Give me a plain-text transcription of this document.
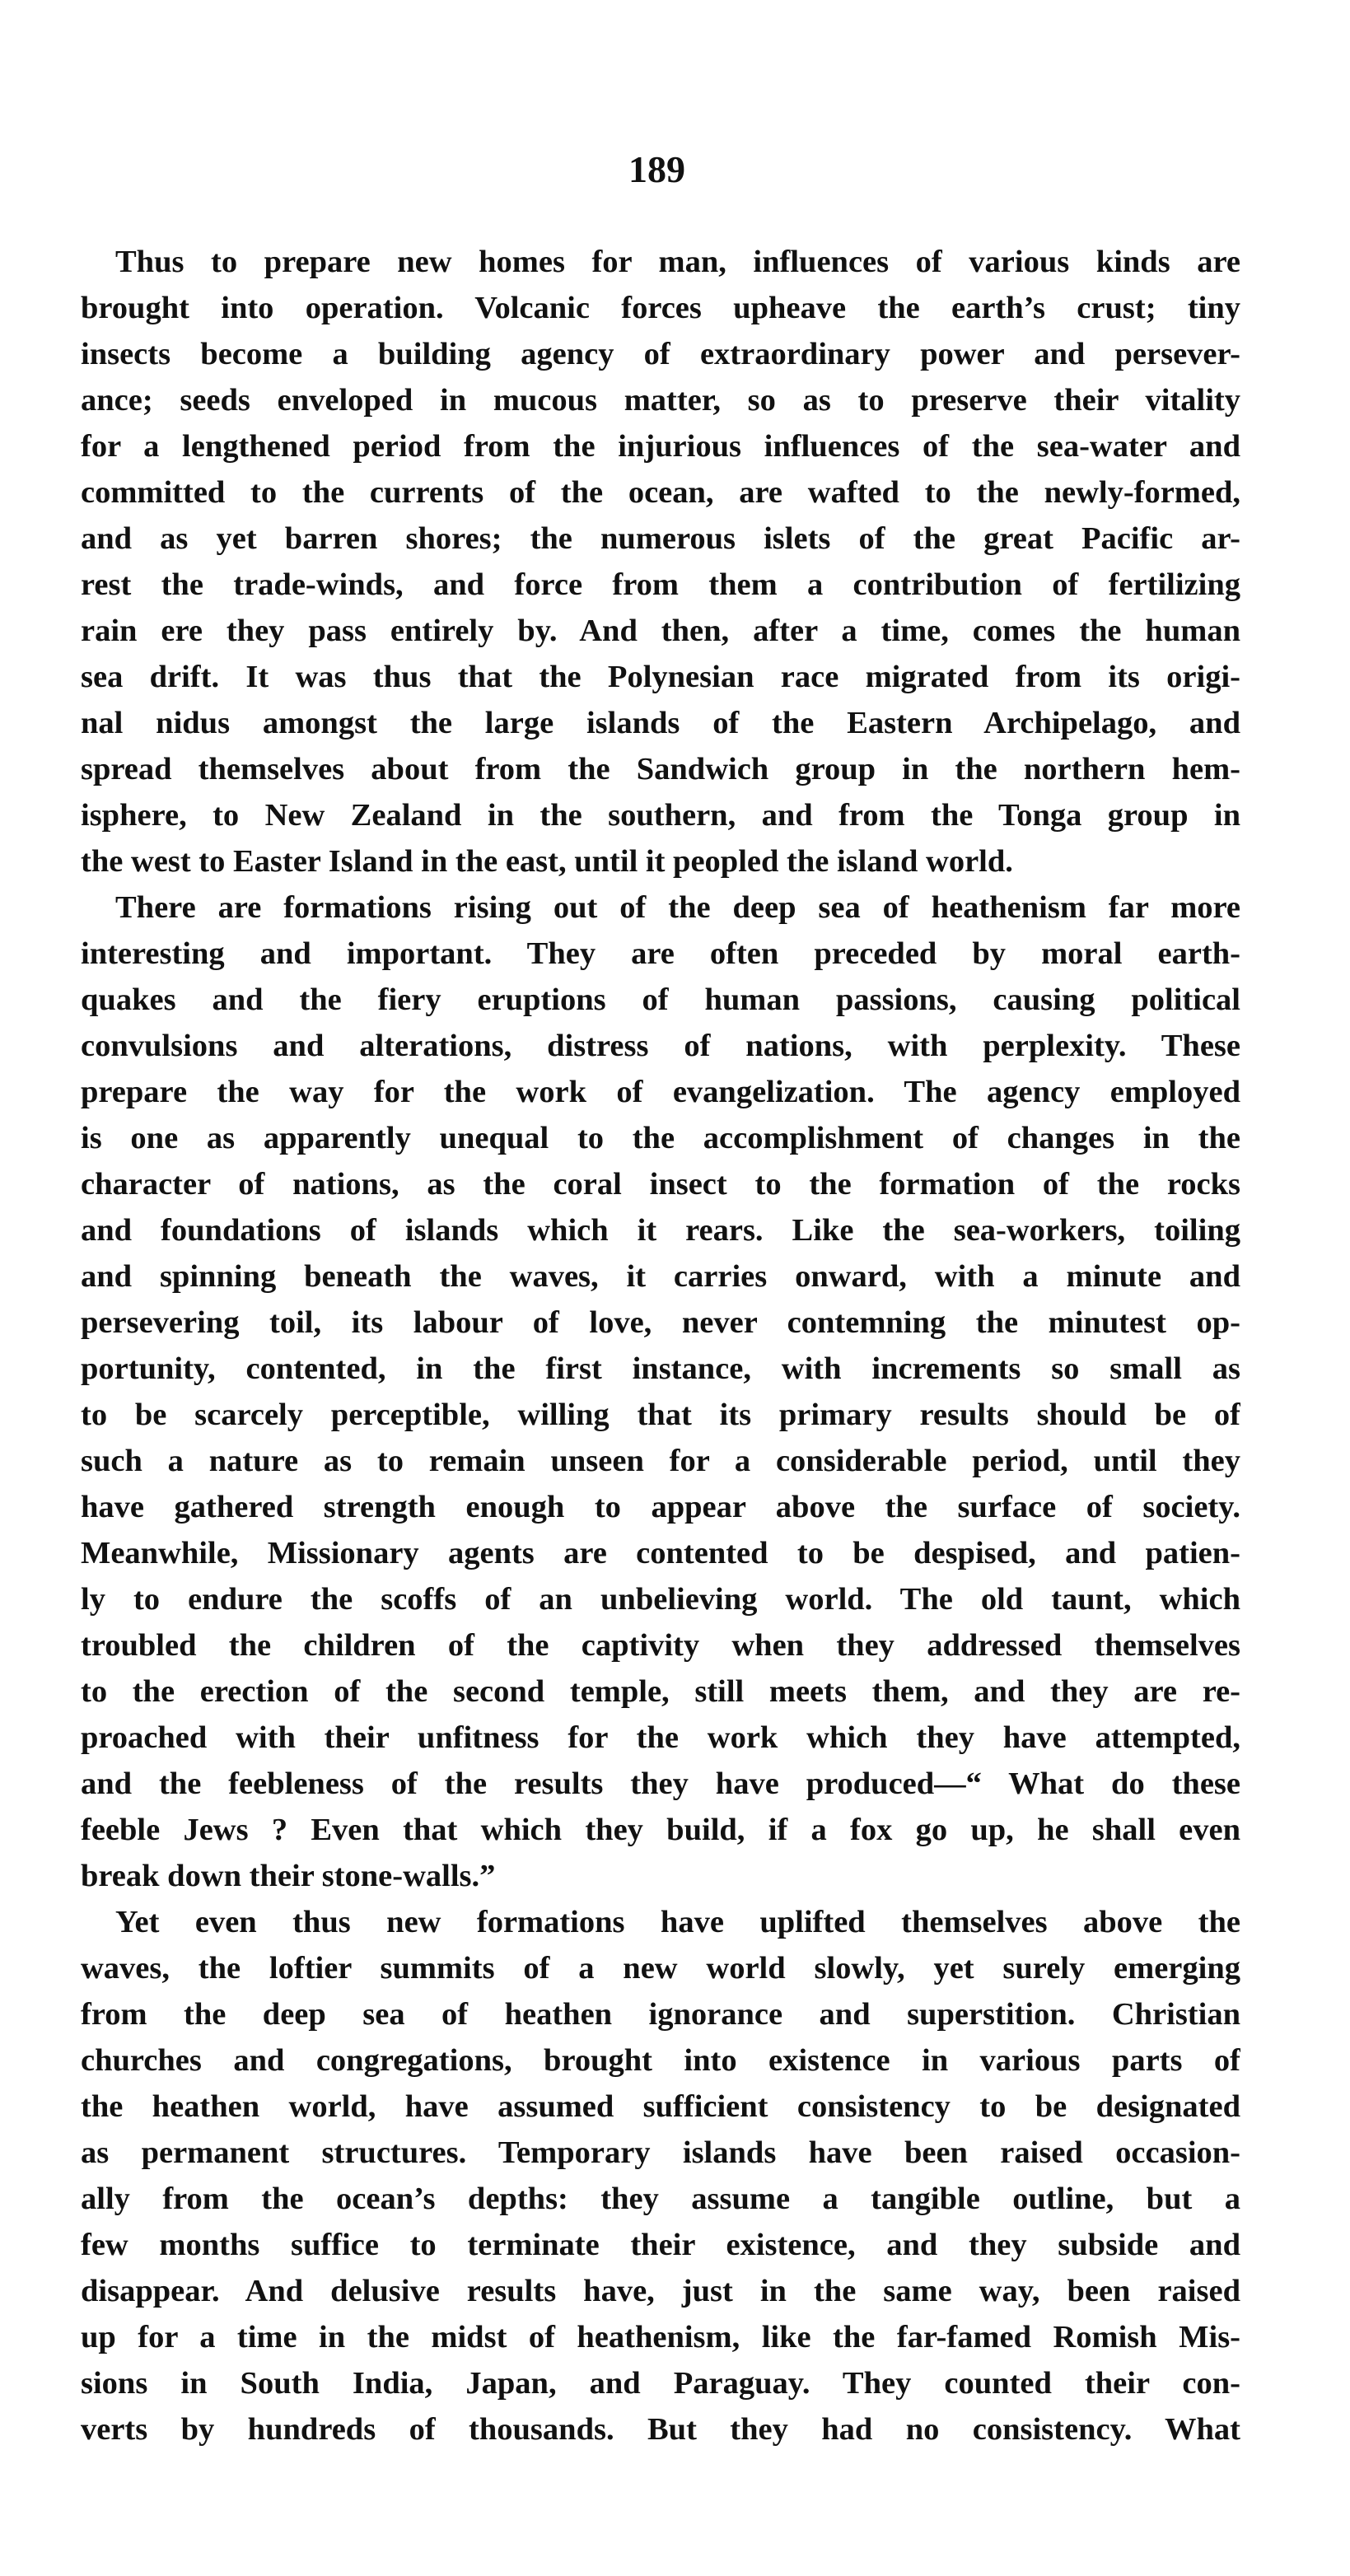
189
Thus to prepare new homes for man, influences of various kinds are
brought into operation. Volcanic forces upheave the earth’s crust; tiny
insects become a building agency of extraordinary power and persever-
ance; seeds enveloped in mucous matter, so as to preserve their vitality
for a lengthened period from the injurious influences of the sea-water and
committed to the currents of the ocean, are wafted to the newly-formed,
and as yet barren shores; the numerous islets of the great Pacific ar-
rest the trade-winds, and force from them a contribution of fertilizing
rain ere they pass entirely by. And then, after a time, comes the human
sea drift. It was thus that the Polynesian race migrated from its origi-
nal nidus amongst the large islands of the Eastern Archipelago, and
spread themselves about from the Sandwich group in the northern hem-
isphere, to New Zealand in the southern, and from the Tonga group in
the west to Easter Island in the east, until it peopled the island world.
There are formations rising out of the deep sea of heathenism far more
interesting and important. They are often preceded by moral earth-
quakes and the fiery eruptions of human passions, causing political
convulsions and alterations, distress of nations, with perplexity. These
prepare the way for the work of evangelization. The agency employed
is one as apparently unequal to the accomplishment of changes in the
character of nations, as the coral insect to the formation of the rocks
and foundations of islands which it rears. Like the sea-workers, toiling
and spinning beneath the waves, it carries onward, with a minute and
persevering toil, its labour of love, never contemning the minutest op-
portunity, contented, in the first instance, with increments so small as
to be scarcely perceptible, willing that its primary results should be of
such a nature as to remain unseen for a considerable period, until they
have gathered strength enough to appear above the surface of society.
Meanwhile, Missionary agents are contented to be despised, and patien-
ly to endure the scoffs of an unbelieving world. The old taunt, which
troubled the children of the captivity when they addressed themselves
to the erection of the second temple, still meets them, and they are re-
proached with their unfitness for the work which they have attempted,
and the feebleness of the results they have produced—“ What do these
feeble Jews ? Even that which they build, if a fox go up, he shall even
break down their stone-walls.”
Yet even thus new formations have uplifted themselves above the
waves, the loftier summits of a new world slowly, yet surely emerging
from the deep sea of heathen ignorance and superstition. Christian
churches and congregations, brought into existence in various parts of
the heathen world, have assumed sufficient consistency to be designated
as permanent structures. Temporary islands have been raised occasion-
ally from the ocean’s depths: they assume a tangible outline, but a
few months suffice to terminate their existence, and they subside and
disappear. And delusive results have, just in the same way, been raised
up for a time in the midst of heathenism, like the far-famed Romish Mis-
sions in South India, Japan, and Paraguay. They counted their con-
verts by hundreds of thousands. But they had no consistency. What
